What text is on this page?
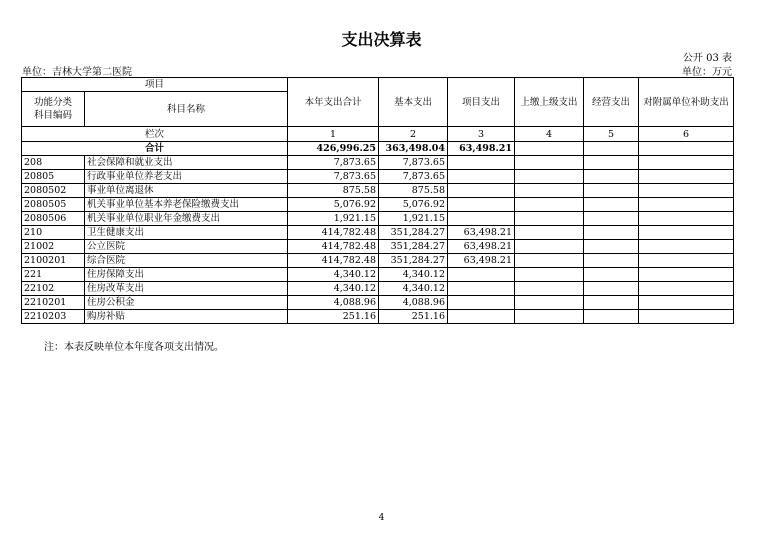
支出决算表
公开 03 表
单位：吉林大学第二医院	单位：万元
项目		本年支出合计	基本支出	项目支出	上缴上级支出	经营支出	对附属单位补助支出
功能分类
科目编码	科目名称						
栏次		1	2	3	4	5	6
合计		426,996.25	363,498.04	63,498.21			
208	社会保障和就业支出	7,873.65	7,873.65				
20805	行政事业单位养老支出	7,873.65	7,873.65				
2080502	事业单位离退休	875.58	875.58				
2080505	机关事业单位基本养老保险缴费支出	5,076.92	5,076.92				
2080506	机关事业单位职业年金缴费支出	1,921.15	1,921.15				
210	卫生健康支出	414,782.48	351,284.27	63,498.21			
21002	公立医院	414,782.48	351,284.27	63,498.21			
2100201	综合医院	414,782.48	351,284.27	63,498.21			
221	住房保障支出	4,340.12	4,340.12				
22102	住房改革支出	4,340.12	4,340.12				
2210201	住房公积金	4,088.96	4,088.96				
2210203	购房补贴	251.16	251.16				
注：本表反映单位本年度各项支出情况。
4
